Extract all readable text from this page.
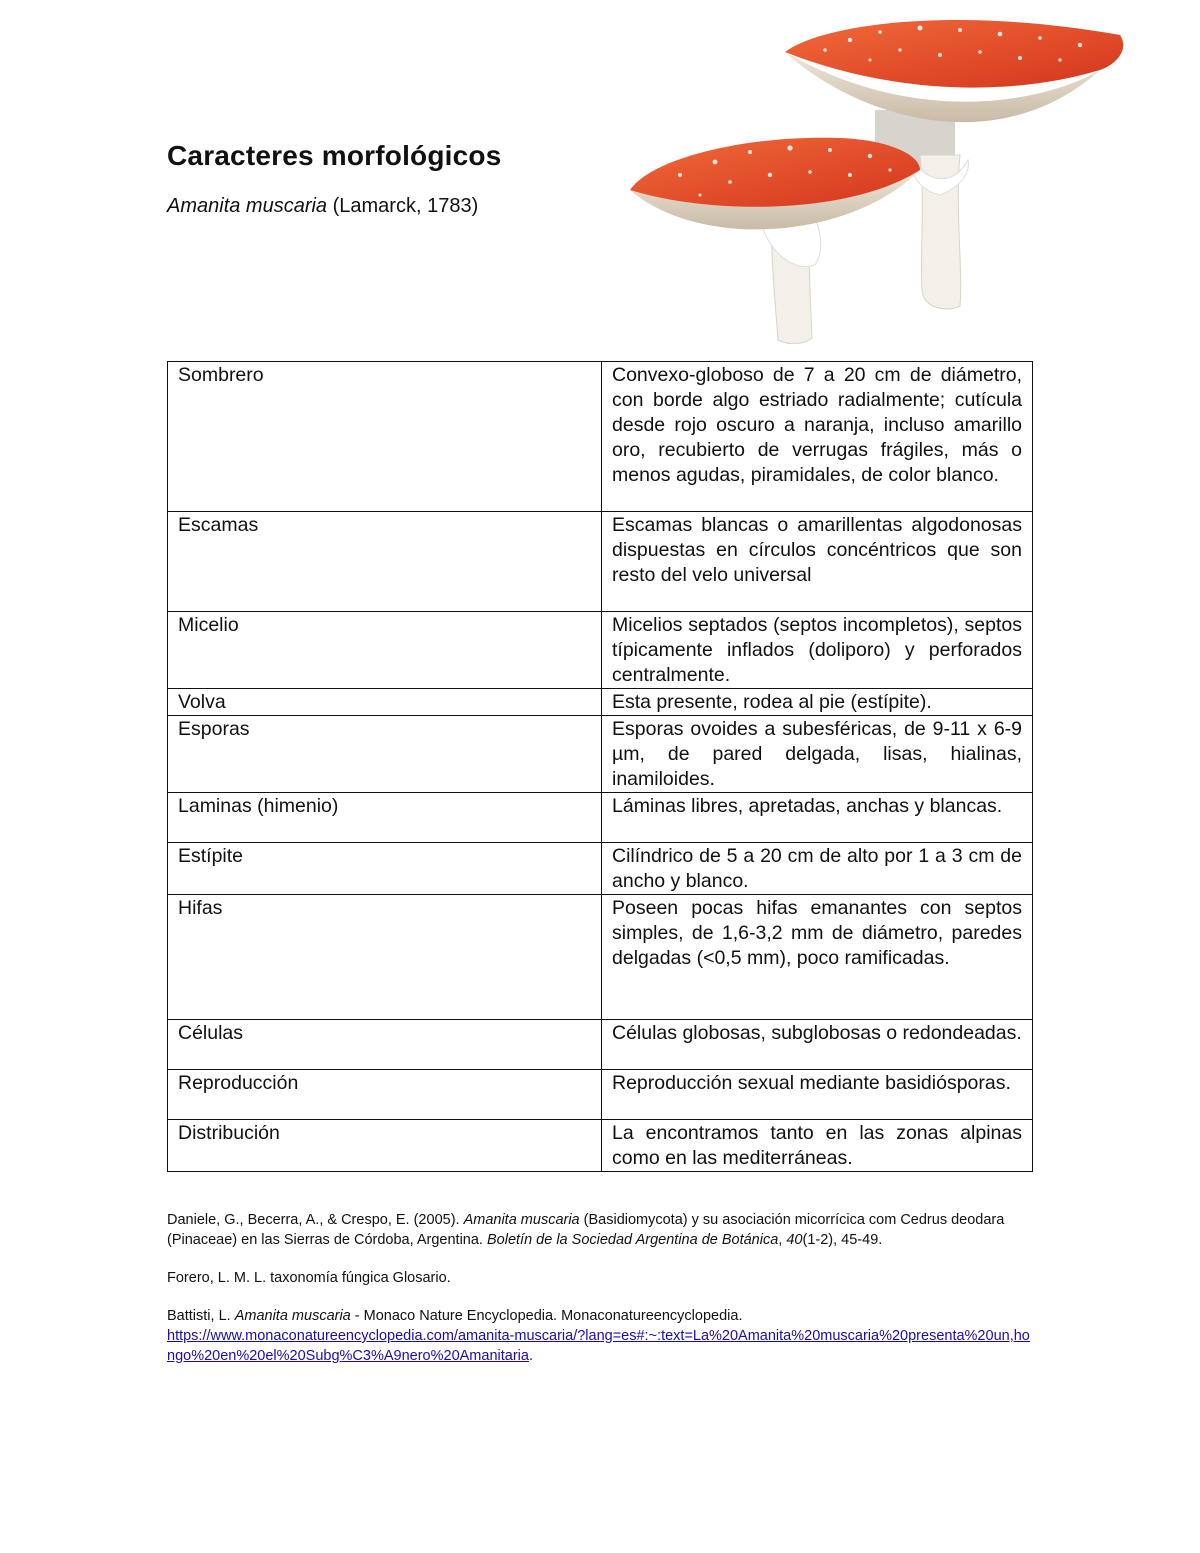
Caracteres morfológicos
Amanita muscaria (Lamarck, 1783)
Sombrero	Convexo-globoso de 7 a 20 cm de diámetro, con borde algo estriado radialmente; cutícula desde rojo oscuro a naranja, incluso amarillo oro, recubierto de verrugas frágiles, más o menos agudas, piramidales, de color blanco.
Escamas	Escamas blancas o amarillentas algodonosas dispuestas en círculos concéntricos que son resto del velo universal
Micelio	Micelios septados (septos incompletos), septos típicamente inflados (doliporo) y perforados centralmente.
Volva	Esta presente, rodea al pie (estípite).
Esporas	Esporas ovoides a subesféricas, de 9-11 x 6-9 µm, de pared delgada, lisas, hialinas, inamiloides.
Laminas (himenio)	Láminas libres, apretadas, anchas y blancas.
Estípite	Cilíndrico de 5 a 20 cm de alto por 1 a 3 cm de ancho y blanco.
Hifas	Poseen pocas hifas emanantes con septos simples, de 1,6-3,2 mm de diámetro, paredes delgadas (<0,5 mm), poco ramificadas.
Células	Células globosas, subglobosas o redondeadas.
Reproducción	Reproducción sexual mediante basidiósporas.
Distribución	La encontramos tanto en las zonas alpinas como en las mediterráneas.

Daniele, G., Becerra, A., & Crespo, E. (2005). Amanita muscaria (Basidiomycota) y su asociación micorrícica com Cedrus deodara (Pinaceae) en las Sierras de Córdoba, Argentina. Boletín de la Sociedad Argentina de Botánica, 40(1-2), 45-49.

Forero, L. M. L. taxonomía fúngica Glosario.

Battisti, L. Amanita muscaria - Monaco Nature Encyclopedia. Monaconatureencyclopedia.
https://www.monaconatureencyclopedia.com/amanita-muscaria/?lang=es#:~:text=La%20Amanita%20muscaria%20presenta%20un,hongo%20en%20el%20Subg%C3%A9nero%20Amanitaria.
